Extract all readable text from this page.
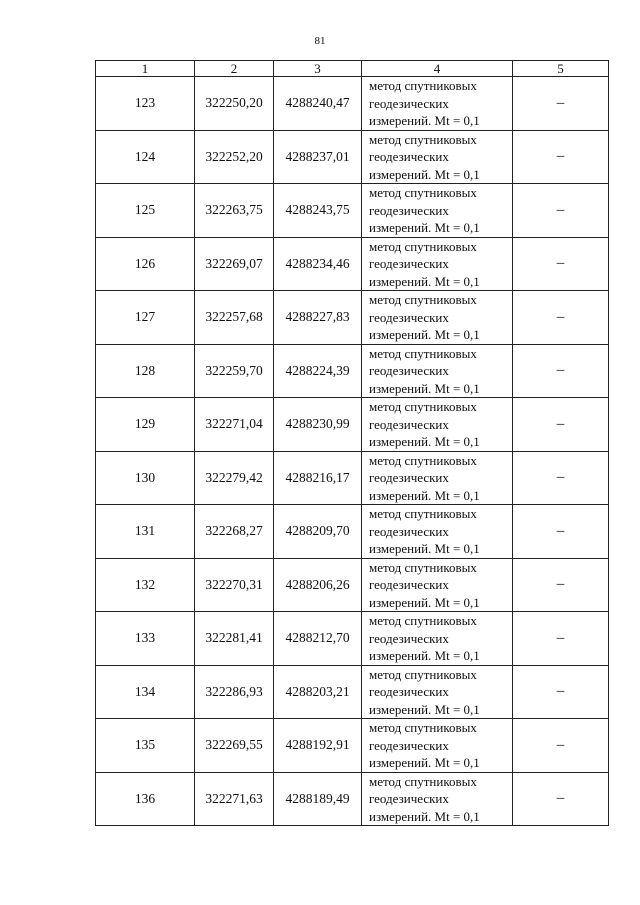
81
1	2	3	4	5
123	322250,20	4288240,47	метод спутниковых
геодезических
измерений. Mt = 0,1	–
124	322252,20	4288237,01	метод спутниковых
геодезических
измерений. Mt = 0,1	–
125	322263,75	4288243,75	метод спутниковых
геодезических
измерений. Mt = 0,1	–
126	322269,07	4288234,46	метод спутниковых
геодезических
измерений. Mt = 0,1	–
127	322257,68	4288227,83	метод спутниковых
геодезических
измерений. Mt = 0,1	–
128	322259,70	4288224,39	метод спутниковых
геодезических
измерений. Mt = 0,1	–
129	322271,04	4288230,99	метод спутниковых
геодезических
измерений. Mt = 0,1	–
130	322279,42	4288216,17	метод спутниковых
геодезических
измерений. Mt = 0,1	–
131	322268,27	4288209,70	метод спутниковых
геодезических
измерений. Mt = 0,1	–
132	322270,31	4288206,26	метод спутниковых
геодезических
измерений. Mt = 0,1	–
133	322281,41	4288212,70	метод спутниковых
геодезических
измерений. Mt = 0,1	–
134	322286,93	4288203,21	метод спутниковых
геодезических
измерений. Mt = 0,1	–
135	322269,55	4288192,91	метод спутниковых
геодезических
измерений. Mt = 0,1	–
136	322271,63	4288189,49	метод спутниковых
геодезических
измерений. Mt = 0,1	–
